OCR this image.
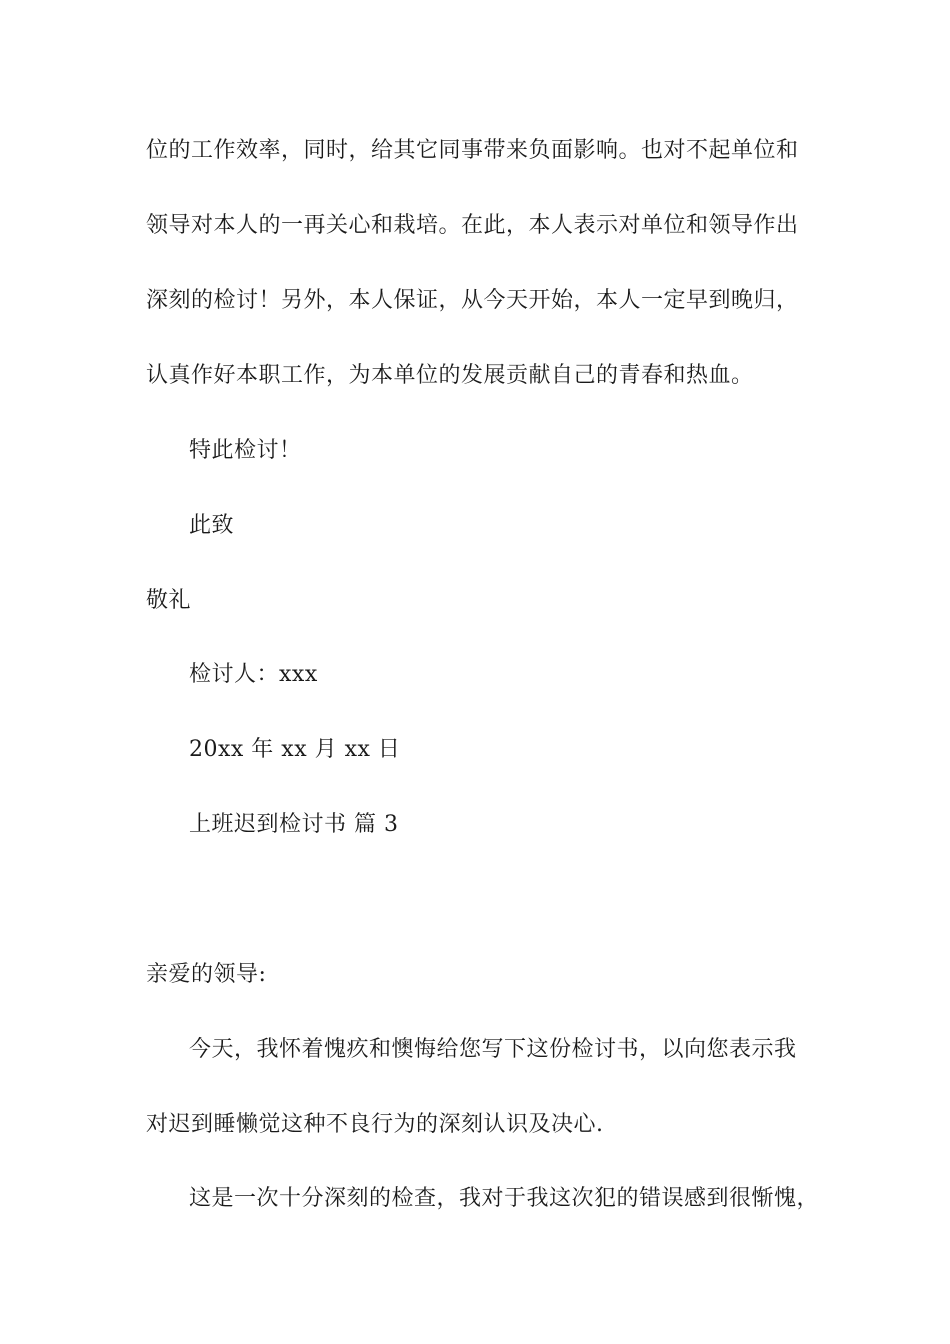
位的工作效率，同时，给其它同事带来负面影响。也对不起单位和
领导对本人的一再关心和栽培。在此，本人表示对单位和领导作出
深刻的检讨！另外，本人保证，从今天开始，本人一定早到晚归，
认真作好本职工作，为本单位的发展贡献自己的青春和热血。
特此检讨！
此致
敬礼
检讨人：xxx
20xx 年 xx 月 xx 日
上班迟到检讨书 篇 3
亲爱的领导:
今天，我怀着愧疚和懊悔给您写下这份检讨书，以向您表示我
对迟到睡懒觉这种不良行为的深刻认识及决心.
这是一次十分深刻的检查，我对于我这次犯的错误感到很惭愧，
